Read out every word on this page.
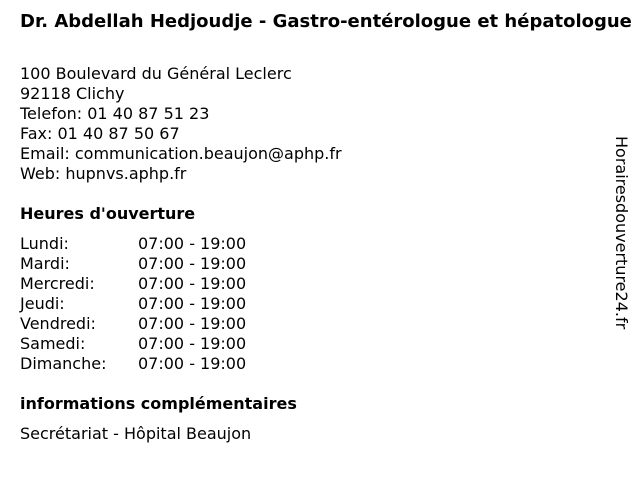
Dr. Abdellah Hedjoudje - Gastro-entérologue et hépatologue
100 Boulevard du Général Leclerc
92118 Clichy
Telefon: 01 40 87 51 23
Fax: 01 40 87 50 67
Email: communication.beaujon@aphp.fr
Web: hupnvs.aphp.fr
Heures d'ouverture
Lundi:	07:00 - 19:00
Mardi:	07:00 - 19:00
Mercredi:	07:00 - 19:00
Jeudi:	07:00 - 19:00
Vendredi:	07:00 - 19:00
Samedi:	07:00 - 19:00
Dimanche: 07:00 - 19:00
informations complémentaires
Secrétariat - Hôpital Beaujon
Horairesdouverture24.fr
